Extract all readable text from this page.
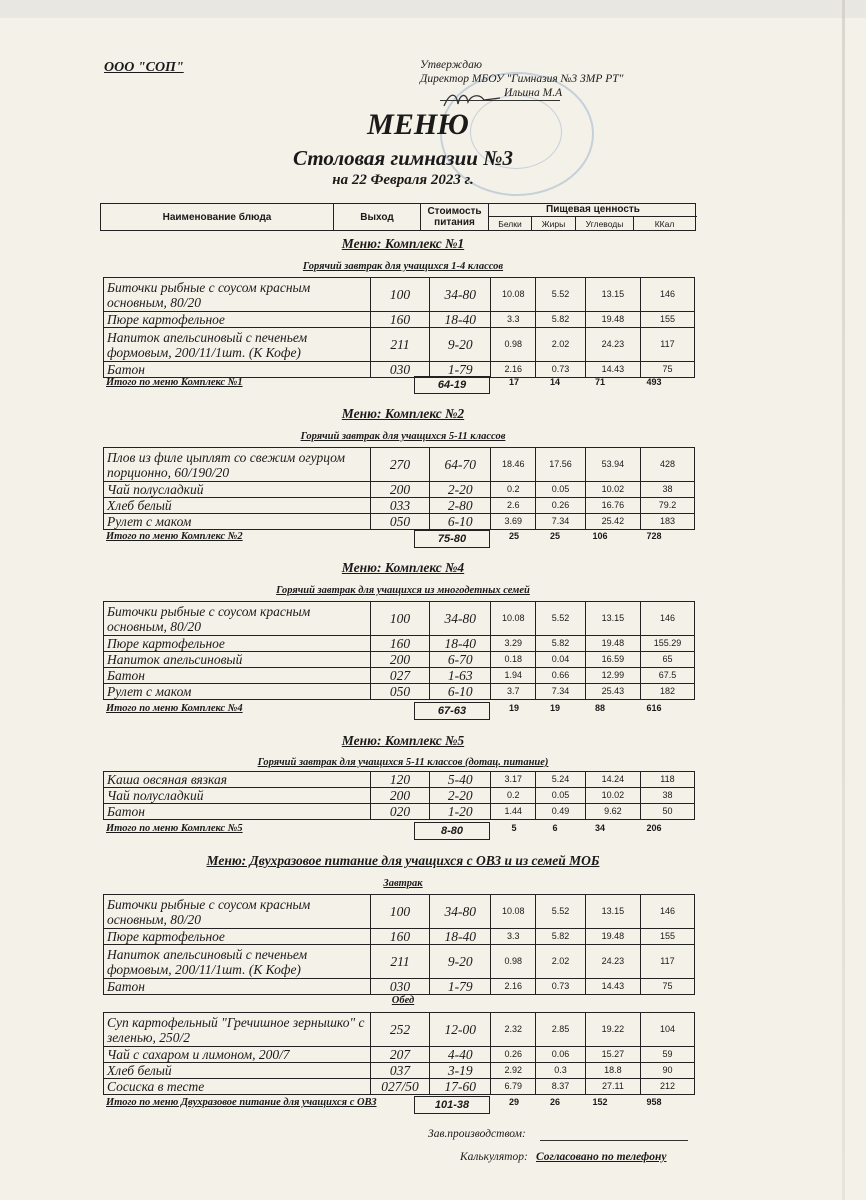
ООО "СОП"	Утверждаю
Директор МБОУ "Гимназия №3 ЗМР РТ"
Ильина М.А
МЕНЮ
Столовая гимназии №3
на 22 Февраля 2023 г.
Наименование блюда	Выход	Стоимость питания
Пищевая ценность
Белки	Жиры	Углеводы	ККал
Меню: Комплекс №1
Горячий завтрак для учащихся 1-4 классов
Биточки рыбные с соусом красным основным, 80/20	100	34-80	10.08	5.52	13.15	146
Пюре картофельное	160	18-40	3.3	5.82	19.48	155
Напиток апельсиновый с печеньем формовым, 200/11/1шт. (К Кофе)	211	9-20	0.98	2.02	24.23	117
Батон	030	1-79	2.16	0.73	14.43	75
Итого по меню Комплекс №1	64-19	17	14	71	493
Меню: Комплекс №2
Горячий завтрак для учащихся 5-11 классов
Плов из филе цыплят со свежим огурцом порционно, 60/190/20	270	64-70	18.46	17.56	53.94	428
Чай полусладкий	200	2-20	0.2	0.05	10.02	38
Хлеб белый	033	2-80	2.6	0.26	16.76	79.2
Рулет с маком	050	6-10	3.69	7.34	25.42	183
Итого по меню Комплекс №2	75-80	25	25	106	728
Меню: Комплекс №4
Горячий завтрак для учащихся из многодетных семей
Биточки рыбные с соусом красным основным, 80/20	100	34-80	10.08	5.52	13.15	146
Пюре картофельное	160	18-40	3.29	5.82	19.48	155.29
Напиток апельсиновый	200	6-70	0.18	0.04	16.59	65
Батон	027	1-63	1.94	0.66	12.99	67.5
Рулет с маком	050	6-10	3.7	7.34	25.43	182
Итого по меню Комплекс №4	67-63	19	19	88	616
Меню: Комплекс №5
Горячий завтрак для учащихся 5-11 классов (дотац. питание)
Каша овсяная вязкая	120	5-40	3.17	5.24	14.24	118
Чай полусладкий	200	2-20	0.2	0.05	10.02	38
Батон	020	1-20	1.44	0.49	9.62	50
Итого по меню Комплекс №5	8-80	5	6	34	206
Меню: Двухразовое питание для учащихся с ОВЗ и из семей МОБ
Завтрак
Биточки рыбные с соусом красным основным, 80/20	100	34-80	10.08	5.52	13.15	146
Пюре картофельное	160	18-40	3.3	5.82	19.48	155
Напиток апельсиновый с печеньем формовым, 200/11/1шт. (К Кофе)	211	9-20	0.98	2.02	24.23	117
Батон	030	1-79	2.16	0.73	14.43	75
Обед
Суп картофельный "Гречишное зернышко" с зеленью, 250/2	252	12-00	2.32	2.85	19.22	104
Чай с сахаром и лимоном, 200/7	207	4-40	0.26	0.06	15.27	59
Хлеб белый	037	3-19	2.92	0.3	18.8	90
Сосиска в тесте	027/50	17-60	6.79	8.37	27.11	212
Итого по меню Двухразовое питание для учащихся с ОВЗ	101-38	29	26	152	958
Зав.производством:
Калькулятор: Согласовано по телефону
